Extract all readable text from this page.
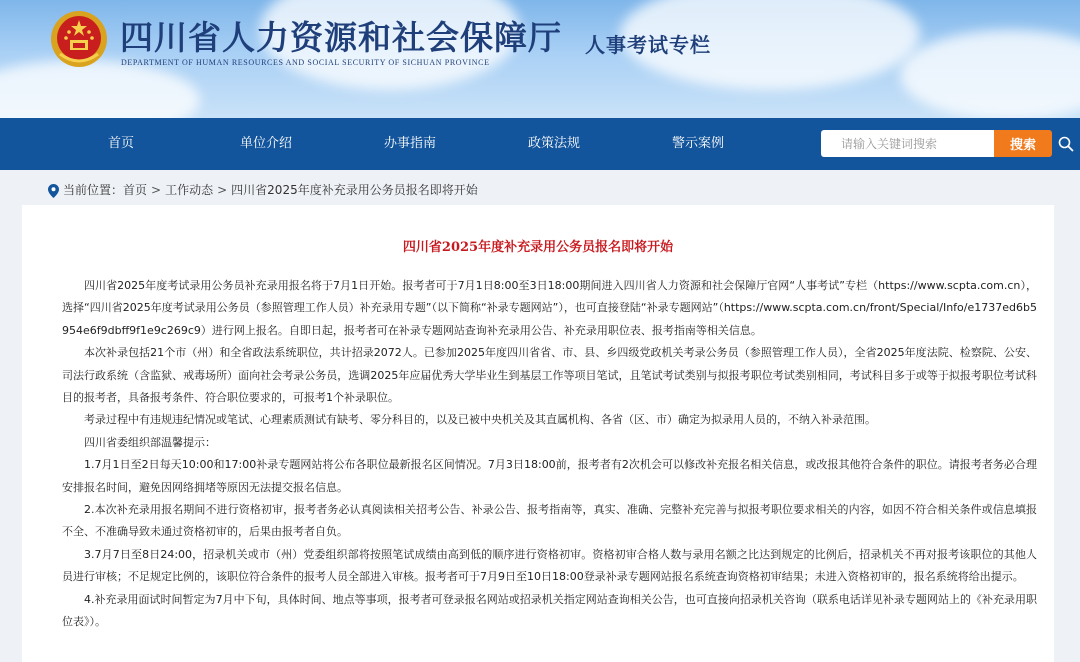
四川省人力资源和社会保障厅
DEPARTMENT OF HUMAN RESOURCES AND SOCIAL SECURITY OF SICHUAN PROVINCE
人事考试专栏
首页	单位介绍	办事指南	政策法规	警示案例
请输入关键词搜索	搜索
当前位置：首页 > 工作动态 > 四川省2025年度补充录用公务员报名即将开始
四川省2025年度补充录用公务员报名即将开始

四川省2025年度考试录用公务员补充录用报名将于7月1日开始。报考者可于7月1日8:00至3日18:00期间进入四川省人力资源和社会保障厅官网“人事考试”专栏（https://www.scpta.com.cn），选择“四川省2025年度考试录用公务员（参照管理工作人员）补充录用专题”（以下简称“补录专题网站”），也可直接登陆“补录专题网站”（https://www.scpta.com.cn/front/Special/Info/e1737ed6b5954e6f9dbff9f1e9c269c9）进行网上报名。自即日起，报考者可在补录专题网站查询补充录用公告、补充录用职位表、报考指南等相关信息。

本次补录包括21个市（州）和全省政法系统职位，共计招录2072人。已参加2025年度四川省省、市、县、乡四级党政机关考录公务员（参照管理工作人员），全省2025年度法院、检察院、公安、司法行政系统（含监狱、戒毒场所）面向社会考录公务员，选调2025年应届优秀大学毕业生到基层工作等项目笔试，且笔试考试类别与拟报考职位考试类别相同，考试科目多于或等于拟报考职位考试科目的报考者，具备报考条件、符合职位要求的，可报考1个补录职位。

考录过程中有违规违纪情况或笔试、心理素质测试有缺考、零分科目的，以及已被中央机关及其直属机构、各省（区、市）确定为拟录用人员的，不纳入补录范围。

四川省委组织部温馨提示：

1.7月1日至2日每天10:00和17:00补录专题网站将公布各职位最新报名区间情况。7月3日18:00前，报考者有2次机会可以修改补充报名相关信息，或改报其他符合条件的职位。请报考者务必合理安排报名时间，避免因网络拥堵等原因无法提交报名信息。

2.本次补充录用报名期间不进行资格初审，报考者务必认真阅读相关招考公告、补录公告、报考指南等，真实、准确、完整补充完善与拟报考职位要求相关的内容，如因不符合相关条件或信息填报不全、不准确导致未通过资格初审的，后果由报考者自负。

3.7月7日至8日24:00，招录机关或市（州）党委组织部将按照笔试成绩由高到低的顺序进行资格初审。资格初审合格人数与录用名额之比达到规定的比例后，招录机关不再对报考该职位的其他人员进行审核；不足规定比例的，该职位符合条件的报考人员全部进入审核。报考者可于7月9日至10日18:00登录补录专题网站报名系统查询资格初审结果；未进入资格初审的，报名系统将给出提示。

4.补充录用面试时间暂定为7月中下旬，具体时间、地点等事项，报考者可登录报名网站或招录机关指定网站查询相关公告，也可直接向招录机关咨询（联系电话详见补录专题网站上的《补充录用职位表》）。
